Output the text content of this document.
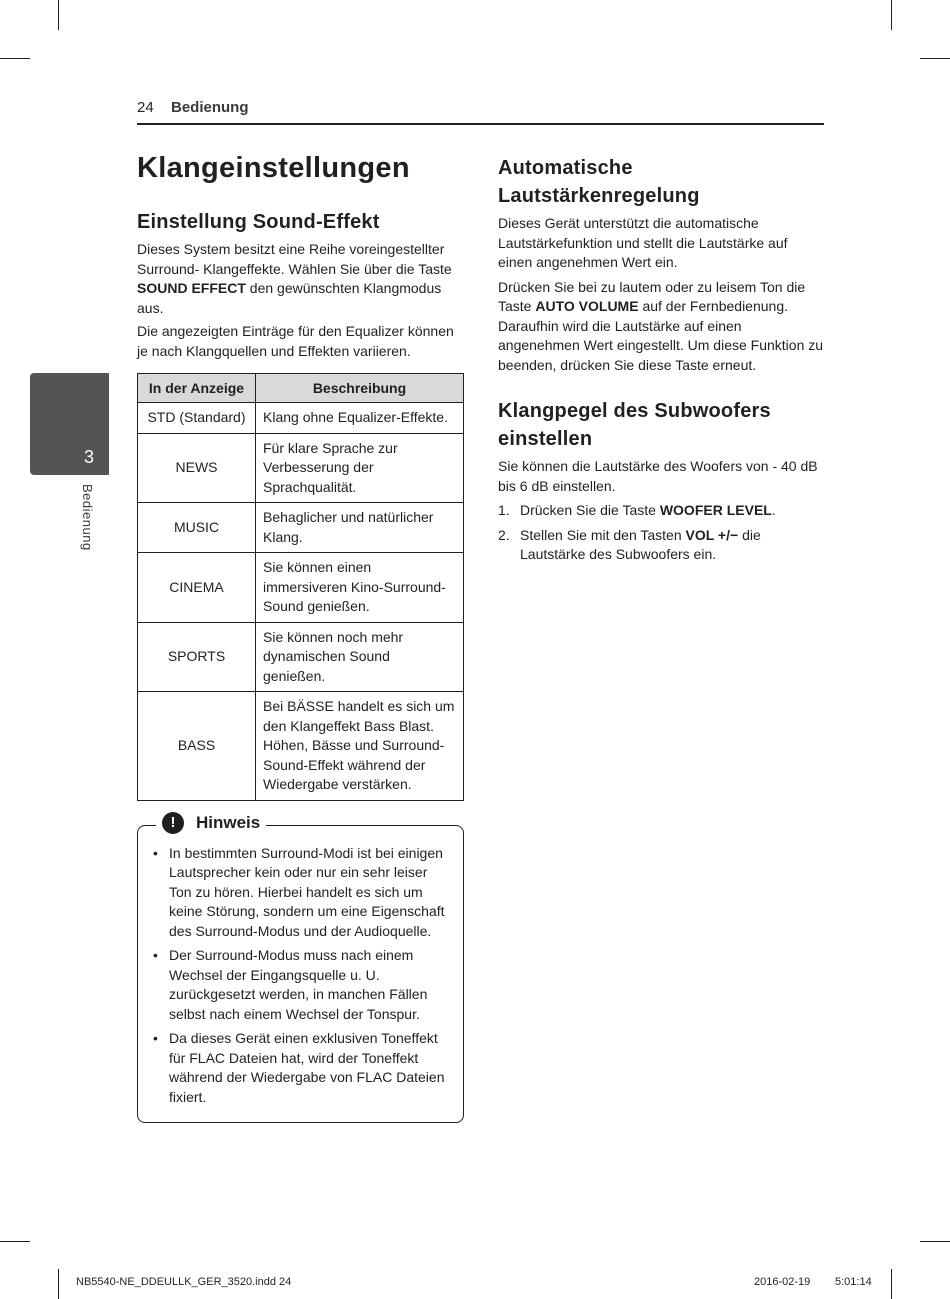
24 Bedienung
3
Bedienung
Klangeinstellungen
Einstellung Sound-Effekt

Dieses System besitzt eine Reihe voreingestellter Surround- Klangeffekte. Wählen Sie über die Taste SOUND EFFECT den gewünschten Klangmodus aus.

Die angezeigten Einträge für den Equalizer können je nach Klangquellen und Effekten variieren.

In der Anzeige	Beschreibung
STD (Standard)	Klang ohne Equalizer-Effekte.
NEWS	Für klare Sprache zur Verbesserung der Sprachqualität.
MUSIC	Behaglicher und natürlicher Klang.
CINEMA	Sie können einen immersiveren Kino-Surround-Sound genießen.
SPORTS	Sie können noch mehr dynamischen Sound genießen.
BASS	Bei BÄSSE handelt es sich um den Klangeffekt Bass Blast. Höhen, Bässe und Surround-Sound-Effekt während der Wiedergabe verstärken.
!	Hinweis
• In bestimmten Surround-Modi ist bei einigen Lautsprecher kein oder nur ein sehr leiser Ton zu hören. Hierbei handelt es sich um keine Störung, sondern um eine Eigenschaft des Surround-Modus und der Audioquelle.
• Der Surround-Modus muss nach einem Wechsel der Eingangsquelle u. U. zurückgesetzt werden, in manchen Fällen selbst nach einem Wechsel der Tonspur.
• Da dieses Gerät einen exklusiven Toneffekt für FLAC Dateien hat, wird der Toneffekt während der Wiedergabe von FLAC Dateien fixiert.
Automatische Lautstärkenregelung

Dieses Gerät unterstützt die automatische Lautstärkefunktion und stellt die Lautstärke auf einen angenehmen Wert ein.

Drücken Sie bei zu lautem oder zu leisem Ton die Taste AUTO VOLUME auf der Fernbedienung. Daraufhin wird die Lautstärke auf einen angenehmen Wert eingestellt. Um diese Funktion zu beenden, drücken Sie diese Taste erneut.

Klangpegel des Subwoofers einstellen

Sie können die Lautstärke des Woofers von - 40 dB bis 6 dB einstellen.

1. Drücken Sie die Taste WOOFER LEVEL.
2. Stellen Sie mit den Tasten VOL +/− die Lautstärke des Subwoofers ein.
NB5540-NE_DDEULLK_GER_3520.indd 24	2016-02-19 5:01:14
